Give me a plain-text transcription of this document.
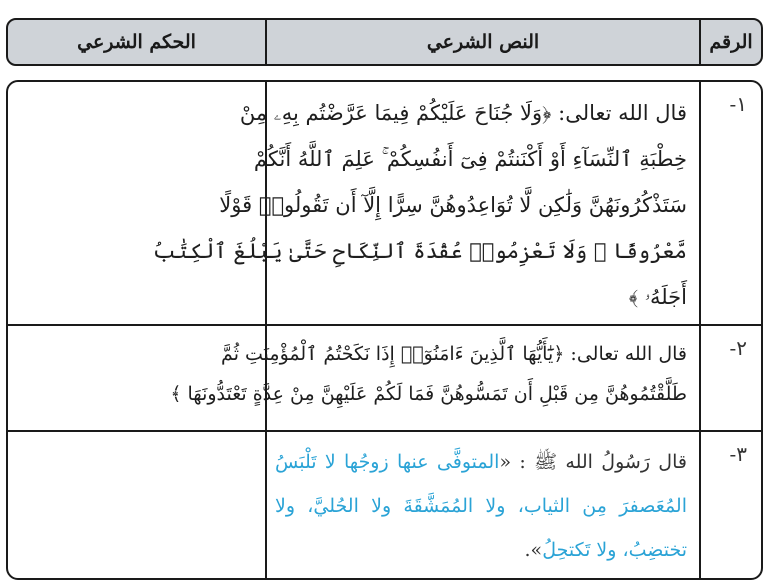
الرقم
النص الشرعي
الحكم الشرعي
١-
قال الله تعالى: ﴿وَلَا جُنَاحَ عَلَيْكُمْ فِيمَا عَرَّضْتُم بِهِۦ مِنْ
خِطْبَةِ ٱلنِّسَآءِ أَوْ أَكْنَنتُمْ فِىٓ أَنفُسِكُمْ ۚ عَلِمَ ٱللَّهُ أَنَّكُمْ
سَتَذْكُرُونَهُنَّ وَلَٰكِن لَّا تُوَاعِدُوهُنَّ سِرًّا إِلَّآ أَن تَقُولُوا۟ قَوْلًا
مَّعْرُوفًا ۚ وَلَا تَعْزِمُوا۟ عُقْدَةَ ٱلنِّكَاحِ حَتَّىٰ يَبْلُغَ ٱلْكِتَٰبُ
أَجَلَهُۥ ﴾
٢-
قال الله تعالى: ﴿يَٰٓأَيُّهَا ٱلَّذِينَ ءَامَنُوٓا۟ إِذَا نَكَحْتُمُ ٱلْمُؤْمِنَٰتِ ثُمَّ
طَلَّقْتُمُوهُنَّ مِن قَبْلِ أَن تَمَسُّوهُنَّ فَمَا لَكُمْ عَلَيْهِنَّ مِنْ عِدَّةٍ تَعْتَدُّونَهَا ﴾
٣-
قال رَسُولُ الله ﷺ : «المتوفَّى عنها زوجُها لا تَلْبَسُ
المُعَصفرَ مِن الثياب، ولا المُمَشَّقَةَ ولا الحُليَّ، ولا
تختضِبُ، ولا تَكتحِلُ».
